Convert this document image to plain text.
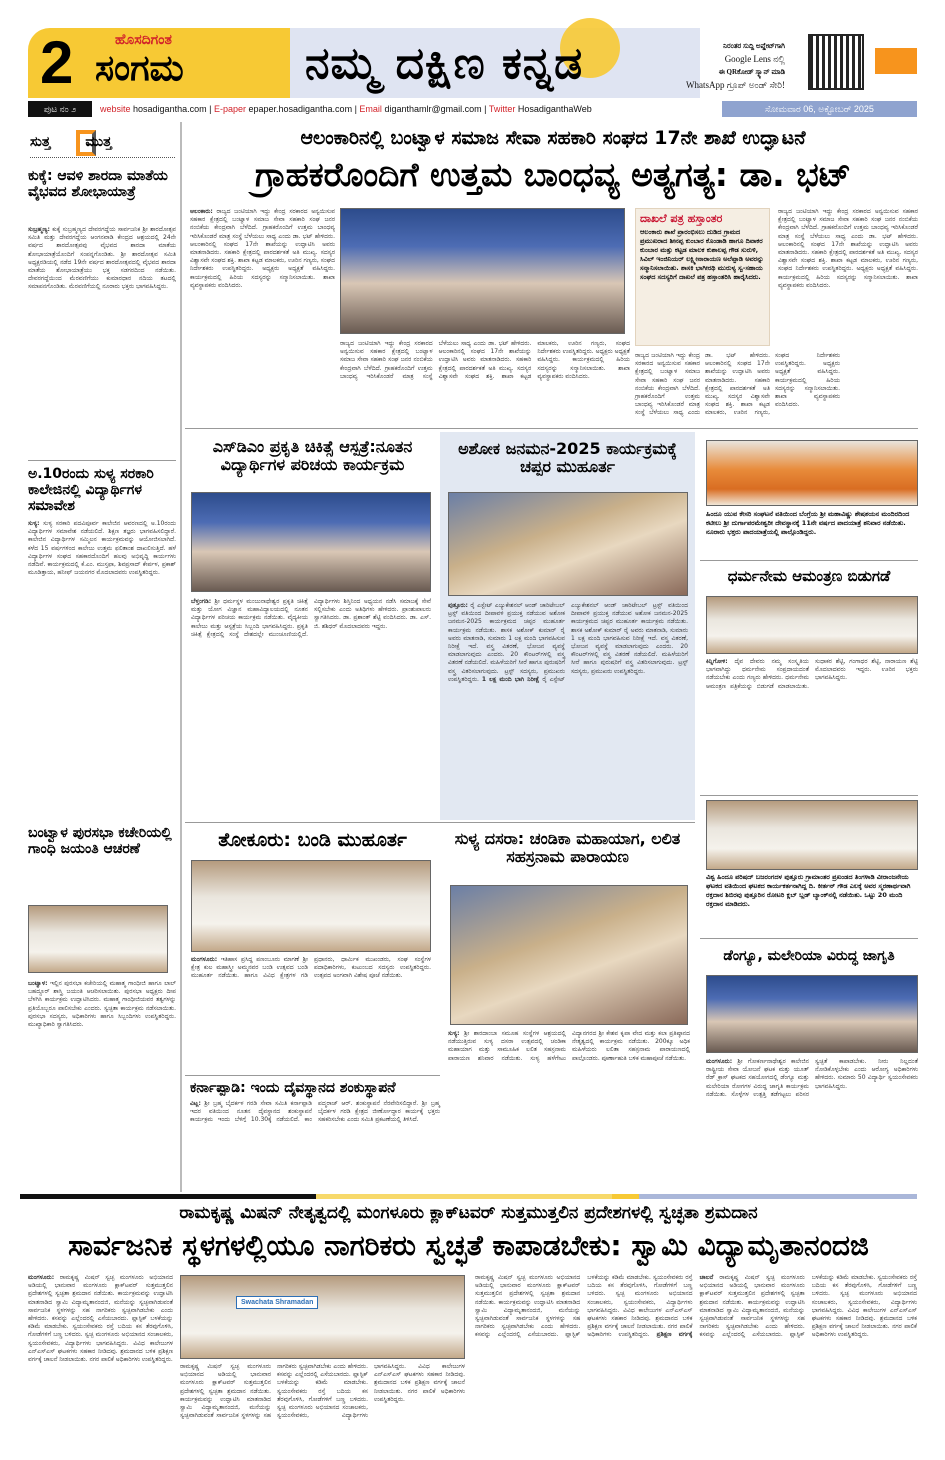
2	ಹೊಸದಿಗಂತ
ಸಂಗಮ	ನಮ್ಮ ದಕ್ಷಿಣ ಕನ್ನಡ	ನಿರಂತರ ಸುದ್ದಿ ಅಪ್ಡೇಟ್‌ಗಾಗಿ
Google Lens ನಲ್ಲಿ
ಈ QRಕೋಡ್ ಸ್ಕ್ಯಾನ್ ಮಾಡಿ
WhatsApp ಗ್ರೂಪ್ ಅಂಡ್ ಸೇರಿ!
ಪುಟ ನಂ ೨	website hosadigantha.com | E-paper epaper.hosadigantha.com | Email diganthamlr@gmail.com | Twitter HosadiganthaWeb	ಸೋಮವಾರ 06, ಅಕ್ಟೋಬರ್ 2025
ಸುತ್ತ ಮುತ್ತ
ಕುಕ್ಕೆ: ಆವಳಿ ಶಾರದಾ ಮಾತೆಯ ವೈಭವದ ಶೋಭಾಯಾತ್ರೆ
ಸುಬ್ರಹ್ಮಣ್ಯ: ಕುಕ್ಕೆ ಸುಬ್ರಹ್ಮಣ್ಯದ ದೇವರಗದ್ದೆಯ ಸಾರ್ವಜನಿಕ ಶ್ರೀ ಶಾರದೋತ್ಸವ ಸಮಿತಿ ಮತ್ತು ದೇವರಗದ್ದೆಯ ಆಂಗನವಾಡಿ ಕೇಂದ್ರದ ಆಶ್ರಯದಲ್ಲಿ 24ನೇ ವರ್ಷದ ಶಾರದೋತ್ಸವವು ವೈಭವದ ಶಾರದಾ ಮಾತೆಯ ಶೋಭಾಯಾತ್ರೆಯೊಂದಿಗೆ ಸಂಪನ್ನಗೊಂಡಿತು. ಶ್ರೀ ಶಾರದೋತ್ಸವ ಸಮಿತಿ ಅಧ್ಯಕ್ಷರಡಿಯಲ್ಲಿ ನಡೆದ 19ನೇ ವರ್ಷದ ಶಾರದೋತ್ಸವದಲ್ಲಿ ವೈಭವದ ಶಾರದಾ ಮಾತೆಯ ಶೋಭಾಯಾತ್ರೆಯು ಭಕ್ತ ಸಡಗರದಿಂದ ನಡೆಯಿತು. ದೇವರಗದ್ದೆಯಿಂದ ಮೆರವಣಿಗೆಯು ಕುಮಾರಧಾರ ನದಿಯ ತಟದಲ್ಲಿ ಸಮಾಪನಗೊಂಡಿತು. ಮೆರವಣಿಗೆಯಲ್ಲಿ ನೂರಾರು ಭಕ್ತರು ಭಾಗವಹಿಸಿದ್ದರು.
ಅ.10ರಂದು ಸುಳ್ಯ ಸರಕಾರಿ ಕಾಲೇಜಿನಲ್ಲಿ ವಿದ್ಯಾರ್ಥಿಗಳ ಸಮಾವೇಶ
ಸುಳ್ಯ: ಸುಳ್ಯ ಸರಕಾರಿ ಪದವಿಪೂರ್ವ ಕಾಲೇಜಿನ ಆವರಣದಲ್ಲಿ ಅ.10ರಂದು ವಿದ್ಯಾರ್ಥಿಗಳ ಸಮಾವೇಶ ನಡೆಯಲಿದೆ. ಶಿಕ್ಷಣ ತಜ್ಞರು ಭಾಗವಹಿಸಲಿದ್ದಾರೆ. ಕಾಲೇಜಿನ ವಿದ್ಯಾರ್ಥಿಗಳ ಸಮ್ಮಿಲನ ಕಾರ್ಯಕ್ರಮವನ್ನು ಆಯೋಜಿಸಲಾಗಿದೆ. ಕಳೆದ 15 ವರ್ಷಗಳಿಂದ ಕಾಲೇಜು ಉತ್ತಮ ಫಲಿತಾಂಶ ದಾಖಲಿಸುತ್ತಿದೆ. ಹಳೆ ವಿದ್ಯಾರ್ಥಿಗಳ ಸಂಘದ ಸಹಕಾರದೊಂದಿಗೆ ಹಲವು ಅಭಿವೃದ್ಧಿ ಕಾರ್ಯಗಳು ನಡೆದಿವೆ. ಕಾರ್ಯಕ್ರಮದಲ್ಲಿ ಕೆ.ಎಂ. ಮುಸ್ತಫಾ, ಶಿವಪ್ರಸಾದ್ ಕೇರ್ಪಳ, ಪ್ರಕಾಶ್ ಮೂಡಿತ್ತಾಯ, ಹನೀಫ್ ಜಯನಗರ ಮೊದಲಾದವರು ಉಪಸ್ಥಿತರಿದ್ದರು.
ಬಂಟ್ವಾಳ ಪುರಸಭಾ ಕಚೇರಿಯಲ್ಲಿ ಗಾಂಧಿ ಜಯಂತಿ ಆಚರಣೆ
ಬಂಟ್ವಾಳ: ಇಲ್ಲಿನ ಪುರಸಭಾ ಕಚೇರಿಯಲ್ಲಿ ಮಹಾತ್ಮ ಗಾಂಧೀಜಿ ಹಾಗೂ ಲಾಲ್ ಬಹದ್ದೂರ್ ಶಾಸ್ತ್ರಿ ಜಯಂತಿ ಆಚರಿಸಲಾಯಿತು. ಪುರಸಭಾ ಅಧ್ಯಕ್ಷರು ದೀಪ ಬೆಳಗಿಸಿ ಕಾರ್ಯಕ್ರಮ ಉದ್ಘಾಟಿಸಿದರು. ಮಹಾತ್ಮ ಗಾಂಧೀಜಿಯವರ ತತ್ವಗಳನ್ನು ಪ್ರತಿಯೊಬ್ಬರೂ ಪಾಲಿಸಬೇಕು ಎಂದರು. ಸ್ವಚ್ಛತಾ ಕಾರ್ಯಕ್ರಮ ನಡೆಸಲಾಯಿತು. ಪುರಸಭಾ ಸದಸ್ಯರು, ಅಧಿಕಾರಿಗಳು ಹಾಗೂ ಸಿಬ್ಬಂದಿಗಳು ಉಪಸ್ಥಿತರಿದ್ದರು. ಮುಖ್ಯಾಧಿಕಾರಿ ಸ್ವಾಗತಿಸಿದರು.
ಆಲಂಕಾರಿನಲ್ಲಿ ಬಂಟ್ವಾಳ ಸಮಾಜ ಸೇವಾ ಸಹಕಾರಿ ಸಂಘದ 17ನೇ ಶಾಖೆ ಉದ್ಘಾಟನೆ
ಗ್ರಾಹಕರೊಂದಿಗೆ ಉತ್ತಮ ಬಾಂಧವ್ಯ ಅತ್ಯಗತ್ಯ: ಡಾ. ಭಟ್
ಆಲಂಕಾರು: ರಾಜ್ಯದ ಜಂಟಿಯಾಗಿ ಇದ್ದು ಕೇಂದ್ರ ಸರಕಾರದ ಅನ್ವಯಿಸುವ ಸಹಕಾರ ಕ್ಷೇತ್ರದಲ್ಲಿ ಬಂಟ್ವಾಳ ಸಮಾಜ ಸೇವಾ ಸಹಕಾರಿ ಸಂಘ ಜನರ ನಂಬಿಕೆಯ ಕೇಂದ್ರವಾಗಿ ಬೆಳೆದಿದೆ. ಗ್ರಾಹಕರೊಂದಿಗೆ ಉತ್ತಮ ಬಾಂಧವ್ಯ ಇರಿಸಿಕೊಂಡರೆ ಮಾತ್ರ ಸಂಸ್ಥೆ ಬೆಳೆಯಲು ಸಾಧ್ಯ ಎಂದು ಡಾ. ಭಟ್ ಹೇಳಿದರು. ಆಲಂಕಾರಿನಲ್ಲಿ ಸಂಘದ 17ನೇ ಶಾಖೆಯನ್ನು ಉದ್ಘಾಟಿಸಿ ಅವರು ಮಾತನಾಡಿದರು. ಸಹಕಾರಿ ಕ್ಷೇತ್ರದಲ್ಲಿ ಪಾರದರ್ಶಕತೆ ಅತಿ ಮುಖ್ಯ. ಸದಸ್ಯರ ವಿಶ್ವಾಸವೇ ಸಂಘದ ಶಕ್ತಿ. ಶಾಖಾ ಕಟ್ಟಡ ಮಾಲಕರು, ಊರಿನ ಗಣ್ಯರು, ಸಂಘದ ನಿರ್ದೇಶಕರು ಉಪಸ್ಥಿತರಿದ್ದರು. ಅಧ್ಯಕ್ಷರು ಅಧ್ಯಕ್ಷತೆ ವಹಿಸಿದ್ದರು. ಕಾರ್ಯಕ್ರಮದಲ್ಲಿ ಹಿರಿಯ ಸದಸ್ಯರನ್ನು ಸನ್ಮಾನಿಸಲಾಯಿತು. ಶಾಖಾ ವ್ಯವಸ್ಥಾಪಕರು ವಂದಿಸಿದರು.
ರಾಜ್ಯದ ಜಂಟಿಯಾಗಿ ಇದ್ದು ಕೇಂದ್ರ ಸರಕಾರದ ಅನ್ವಯಿಸುವ ಸಹಕಾರ ಕ್ಷೇತ್ರದಲ್ಲಿ ಬಂಟ್ವಾಳ ಸಮಾಜ ಸೇವಾ ಸಹಕಾರಿ ಸಂಘ ಜನರ ನಂಬಿಕೆಯ ಕೇಂದ್ರವಾಗಿ ಬೆಳೆದಿದೆ. ಗ್ರಾಹಕರೊಂದಿಗೆ ಉತ್ತಮ ಬಾಂಧವ್ಯ ಇರಿಸಿಕೊಂಡರೆ ಮಾತ್ರ ಸಂಸ್ಥೆ ಬೆಳೆಯಲು ಸಾಧ್ಯ ಎಂದು ಡಾ. ಭಟ್ ಹೇಳಿದರು. ಆಲಂಕಾರಿನಲ್ಲಿ ಸಂಘದ 17ನೇ ಶಾಖೆಯನ್ನು ಉದ್ಘಾಟಿಸಿ ಅವರು ಮಾತನಾಡಿದರು. ಸಹಕಾರಿ ಕ್ಷೇತ್ರದಲ್ಲಿ ಪಾರದರ್ಶಕತೆ ಅತಿ ಮುಖ್ಯ. ಸದಸ್ಯರ ವಿಶ್ವಾಸವೇ ಸಂಘದ ಶಕ್ತಿ. ಶಾಖಾ ಕಟ್ಟಡ ಮಾಲಕರು, ಊರಿನ ಗಣ್ಯರು, ಸಂಘದ ನಿರ್ದೇಶಕರು ಉಪಸ್ಥಿತರಿದ್ದರು. ಅಧ್ಯಕ್ಷರು ಅಧ್ಯಕ್ಷತೆ ವಹಿಸಿದ್ದರು. ಕಾರ್ಯಕ್ರಮದಲ್ಲಿ ಹಿರಿಯ ಸದಸ್ಯರನ್ನು ಸನ್ಮಾನಿಸಲಾಯಿತು. ಶಾಖಾ ವ್ಯವಸ್ಥಾಪಕರು ವಂದಿಸಿದರು.
ದಾಖಲೆ ಪತ್ರ ಹಸ್ತಾಂತರ
ಆಲಂಕಾರು ಶಾಖೆ ಪ್ರಾರಂಭಿಸಲು ದುಡಿದ ಗ್ರಾಮದ ಪ್ರಮುಖರಾದ ಶೀನಪ್ಪ ಕುಂಬಾರ ಕೊಂಡಾಡಿ ಹಾಗೂ ದಿವಾಕರ ಕುಂಬಾರ ಮತ್ತು ಕಟ್ಟಡ ಮಾಲಕ ಕುಶಾಲಪ್ಪ ಗೌಡ ಸುರುಳಿ, ಸಿವಿಲ್ ಇಂಜಿನಿಯರ್ ಲಕ್ಷ್ಮೀನಾರಾಯಣ ಅಲೆಪ್ಪಾಡಿ ಅವರನ್ನು ಸನ್ಮಾನಿಸಲಾಯಿತು. ಶಾಸಕಿ ಭಾಗೀರಥಿ ಮುರುಳ್ಯ ಸ್ವ-ಸಹಾಯ ಸಂಘದ ಸದಸ್ಯರಿಗೆ ದಾಖಲೆ ಪತ್ರ ಹಸ್ತಾಂತರಿಸಿ ಹಾರೈಸಿದರು.
ರಾಜ್ಯದ ಜಂಟಿಯಾಗಿ ಇದ್ದು ಕೇಂದ್ರ ಸರಕಾರದ ಅನ್ವಯಿಸುವ ಸಹಕಾರ ಕ್ಷೇತ್ರದಲ್ಲಿ ಬಂಟ್ವಾಳ ಸಮಾಜ ಸೇವಾ ಸಹಕಾರಿ ಸಂಘ ಜನರ ನಂಬಿಕೆಯ ಕೇಂದ್ರವಾಗಿ ಬೆಳೆದಿದೆ. ಗ್ರಾಹಕರೊಂದಿಗೆ ಉತ್ತಮ ಬಾಂಧವ್ಯ ಇರಿಸಿಕೊಂಡರೆ ಮಾತ್ರ ಸಂಸ್ಥೆ ಬೆಳೆಯಲು ಸಾಧ್ಯ ಎಂದು ಡಾ. ಭಟ್ ಹೇಳಿದರು. ಆಲಂಕಾರಿನಲ್ಲಿ ಸಂಘದ 17ನೇ ಶಾಖೆಯನ್ನು ಉದ್ಘಾಟಿಸಿ ಅವರು ಮಾತನಾಡಿದರು. ಸಹಕಾರಿ ಕ್ಷೇತ್ರದಲ್ಲಿ ಪಾರದರ್ಶಕತೆ ಅತಿ ಮುಖ್ಯ. ಸದಸ್ಯರ ವಿಶ್ವಾಸವೇ ಸಂಘದ ಶಕ್ತಿ. ಶಾಖಾ ಕಟ್ಟಡ ಮಾಲಕರು, ಊರಿನ ಗಣ್ಯರು, ಸಂಘದ ನಿರ್ದೇಶಕರು ಉಪಸ್ಥಿತರಿದ್ದರು. ಅಧ್ಯಕ್ಷರು ಅಧ್ಯಕ್ಷತೆ ವಹಿಸಿದ್ದರು. ಕಾರ್ಯಕ್ರಮದಲ್ಲಿ ಹಿರಿಯ ಸದಸ್ಯರನ್ನು ಸನ್ಮಾನಿಸಲಾಯಿತು. ಶಾಖಾ ವ್ಯವಸ್ಥಾಪಕರು ವಂದಿಸಿದರು.
ರಾಜ್ಯದ ಜಂಟಿಯಾಗಿ ಇದ್ದು ಕೇಂದ್ರ ಸರಕಾರದ ಅನ್ವಯಿಸುವ ಸಹಕಾರ ಕ್ಷೇತ್ರದಲ್ಲಿ ಬಂಟ್ವಾಳ ಸಮಾಜ ಸೇವಾ ಸಹಕಾರಿ ಸಂಘ ಜನರ ನಂಬಿಕೆಯ ಕೇಂದ್ರವಾಗಿ ಬೆಳೆದಿದೆ. ಗ್ರಾಹಕರೊಂದಿಗೆ ಉತ್ತಮ ಬಾಂಧವ್ಯ ಇರಿಸಿಕೊಂಡರೆ ಮಾತ್ರ ಸಂಸ್ಥೆ ಬೆಳೆಯಲು ಸಾಧ್ಯ ಎಂದು ಡಾ. ಭಟ್ ಹೇಳಿದರು. ಆಲಂಕಾರಿನಲ್ಲಿ ಸಂಘದ 17ನೇ ಶಾಖೆಯನ್ನು ಉದ್ಘಾಟಿಸಿ ಅವರು ಮಾತನಾಡಿದರು. ಸಹಕಾರಿ ಕ್ಷೇತ್ರದಲ್ಲಿ ಪಾರದರ್ಶಕತೆ ಅತಿ ಮುಖ್ಯ. ಸದಸ್ಯರ ವಿಶ್ವಾಸವೇ ಸಂಘದ ಶಕ್ತಿ. ಶಾಖಾ ಕಟ್ಟಡ ಮಾಲಕರು, ಊರಿನ ಗಣ್ಯರು, ಸಂಘದ ನಿರ್ದೇಶಕರು ಉಪಸ್ಥಿತರಿದ್ದರು. ಅಧ್ಯಕ್ಷರು ಅಧ್ಯಕ್ಷತೆ ವಹಿಸಿದ್ದರು. ಕಾರ್ಯಕ್ರಮದಲ್ಲಿ ಹಿರಿಯ ಸದಸ್ಯರನ್ನು ಸನ್ಮಾನಿಸಲಾಯಿತು. ಶಾಖಾ ವ್ಯವಸ್ಥಾಪಕರು ವಂದಿಸಿದರು.
ಎಸ್‌ಡಿಎಂ ಪ್ರಕೃತಿ ಚಿಕಿತ್ಸೆ ಆಸ್ಪತ್ರೆ:ನೂತನ ವಿದ್ಯಾರ್ಥಿಗಳ ಪರಿಚಯ ಕಾರ್ಯಕ್ರಮ
ಬೆಳ್ತಂಗಡಿ: ಶ್ರೀ ಧರ್ಮಸ್ಥಳ ಮಂಜುನಾಥೇಶ್ವರ ಪ್ರಕೃತಿ ಚಿಕಿತ್ಸೆ ಮತ್ತು ಯೋಗ ವಿಜ್ಞಾನ ಮಹಾವಿದ್ಯಾಲಯದಲ್ಲಿ ನೂತನ ವಿದ್ಯಾರ್ಥಿಗಳ ಪರಿಚಯ ಕಾರ್ಯಕ್ರಮ ನಡೆಯಿತು. ವೈದ್ಯಕೀಯ ಕಾಲೇಜು ಮತ್ತು ಆಸ್ಪತ್ರೆಯ ಸಿಬ್ಬಂದಿ ಭಾಗವಹಿಸಿದ್ದರು. ಪ್ರಕೃತಿ ಚಿಕಿತ್ಸೆ ಕ್ಷೇತ್ರದಲ್ಲಿ ಸಂಸ್ಥೆ ದೇಶದಲ್ಲೇ ಮುಂಚೂಣಿಯಲ್ಲಿದೆ. ವಿದ್ಯಾರ್ಥಿಗಳು ಶಿಸ್ತಿನಿಂದ ಅಧ್ಯಯನ ನಡೆಸಿ ಸಮಾಜಕ್ಕೆ ಸೇವೆ ಸಲ್ಲಿಸಬೇಕು ಎಂದು ಅತಿಥಿಗಳು ಹೇಳಿದರು. ಪ್ರಾಂಶುಪಾಲರು ಸ್ವಾಗತಿಸಿದರು. ಡಾ. ಪ್ರಶಾಂತ್ ಶೆಟ್ಟಿ ವಂದಿಸಿದರು. ಡಾ. ಎಸ್. ಜಿ. ಶಶಿಧರ್ ಮೊದಲಾದವರು ಇದ್ದರು.
ಅಶೋಕ ಜನಮನ-2025 ಕಾರ್ಯಕ್ರಮಕ್ಕೆ ಚಪ್ಪರ ಮುಹೂರ್ತ
ಪುತ್ತೂರು: ರೈ ಎಸ್ಟೇಟ್ ಎಜ್ಯುಕೇಶನಲ್ ಆಂಡ್ ಚಾರಿಟೇಬಲ್ ಟ್ರಸ್ಟ್ ವತಿಯಿಂದ ದೀಪಾವಳಿ ಪ್ರಯುಕ್ತ ನಡೆಯುವ ಅಶೋಕ ಜನಮನ-2025 ಕಾರ್ಯಕ್ರಮದ ಚಪ್ಪರ ಮುಹೂರ್ತ ಕಾರ್ಯಕ್ರಮ ನಡೆಯಿತು. ಶಾಸಕ ಅಶೋಕ್ ಕುಮಾರ್ ರೈ ಅವರು ಮಾತನಾಡಿ, ಸುಮಾರು 1 ಲಕ್ಷ ಮಂದಿ ಭಾಗವಹಿಸುವ ನಿರೀಕ್ಷೆ ಇದೆ. ವಸ್ತ್ರ ವಿತರಣೆ, ಭೋಜನ ವ್ಯವಸ್ಥೆ ಮಾಡಲಾಗುವುದು ಎಂದರು. 20 ಕೌಂಟರ್‌ಗಳಲ್ಲಿ ವಸ್ತ್ರ ವಿತರಣೆ ನಡೆಯಲಿದೆ. ಮಹಿಳೆಯರಿಗೆ ಸೀರೆ ಹಾಗೂ ಪುರುಷರಿಗೆ ವಸ್ತ್ರ ವಿತರಿಸಲಾಗುವುದು. ಟ್ರಸ್ಟ್ ಸದಸ್ಯರು, ಪ್ರಮುಖರು ಉಪಸ್ಥಿತರಿದ್ದರು. 1 ಲಕ್ಷ ಮಂದಿ ಭಾಗಿ ನಿರೀಕ್ಷೆ ರೈ ಎಸ್ಟೇಟ್ ಎಜ್ಯುಕೇಶನಲ್ ಆಂಡ್ ಚಾರಿಟೇಬಲ್ ಟ್ರಸ್ಟ್ ವತಿಯಿಂದ ದೀಪಾವಳಿ ಪ್ರಯುಕ್ತ ನಡೆಯುವ ಅಶೋಕ ಜನಮನ-2025 ಕಾರ್ಯಕ್ರಮದ ಚಪ್ಪರ ಮುಹೂರ್ತ ಕಾರ್ಯಕ್ರಮ ನಡೆಯಿತು. ಶಾಸಕ ಅಶೋಕ್ ಕುಮಾರ್ ರೈ ಅವರು ಮಾತನಾಡಿ, ಸುಮಾರು 1 ಲಕ್ಷ ಮಂದಿ ಭಾಗವಹಿಸುವ ನಿರೀಕ್ಷೆ ಇದೆ. ವಸ್ತ್ರ ವಿತರಣೆ, ಭೋಜನ ವ್ಯವಸ್ಥೆ ಮಾಡಲಾಗುವುದು ಎಂದರು. 20 ಕೌಂಟರ್‌ಗಳಲ್ಲಿ ವಸ್ತ್ರ ವಿತರಣೆ ನಡೆಯಲಿದೆ. ಮಹಿಳೆಯರಿಗೆ ಸೀರೆ ಹಾಗೂ ಪುರುಷರಿಗೆ ವಸ್ತ್ರ ವಿತರಿಸಲಾಗುವುದು. ಟ್ರಸ್ಟ್ ಸದಸ್ಯರು, ಪ್ರಮುಖರು ಉಪಸ್ಥಿತರಿದ್ದರು.
ಹಿಂದೂ ಯುವ ಕೇಸರಿ ಸಂಘಟನೆ ವತಿಯಿಂದ ಬೆಂಗ್ರೆಯ ಶ್ರೀ ಮಹಾವಿಷ್ಣು ಶೇಷಶಯನ ಮಂದಿರದಿಂದ ಕಟೀಲು ಶ್ರೀ ದುರ್ಗಾಪರಮೇಶ್ವರೀ ದೇವಸ್ಥಾನಕ್ಕೆ 11ನೇ ವರ್ಷದ ಪಾದಯಾತ್ರೆ ಶನಿವಾರ ನಡೆಯಿತು. ನೂರಾರು ಭಕ್ತರು ಪಾದಯಾತ್ರೆಯಲ್ಲಿ ಪಾಲ್ಗೊಂಡಿದ್ದರು.
ಧರ್ಮನೇಮ ಆಮಂತ್ರಣ ಬಿಡುಗಡೆ
ಕಿನ್ನಿಗೋಳಿ: ದೈವ ದೇವರು ನಮ್ಮ ಸಂಸ್ಕೃತಿಯ ಭಾಗವಾಗಿದ್ದು ಧರ್ಮನೇಮ ಸಂಪ್ರದಾಯದಂತೆ ನಡೆಯಬೇಕು ಎಂದು ಗಣ್ಯರು ಹೇಳಿದರು. ಧರ್ಮನೇಮ ಆಮಂತ್ರಣ ಪತ್ರಿಕೆಯನ್ನು ಬಿಡುಗಡೆ ಮಾಡಲಾಯಿತು. ಸುಧಾಕರ ಶೆಟ್ಟಿ, ಗಂಗಾಧರ ಶೆಟ್ಟಿ, ನಾರಾಯಣ ಶೆಟ್ಟಿ ಮೊದಲಾದವರು ಇದ್ದರು. ಊರಿನ ಭಕ್ತರು ಭಾಗವಹಿಸಿದ್ದರು.
ತೋಕೂರು: ಬಂಡಿ ಮುಹೂರ್ತ
ಮಂಗಳೂರು: ಇತಿಹಾಸ ಪ್ರಸಿದ್ಧ ಪಣಂಬೂರು ಮಾಗಣೆ ಶ್ರೀ ಕ್ಷೇತ್ರ ಕುಲ ಮಹಾಸ್ತ್ರೀ ಅಮ್ಮನವರ ಬಂಡಿ ಉತ್ಸವದ ಬಂಡಿ ಮುಹೂರ್ತ ನಡೆಯಿತು. ಹಾಗೂ ವಿವಿಧ ಕ್ಷೇತ್ರಗಳ ಗಡಿ ಪ್ರಧಾನರು, ಧಾರ್ಮಿಕ ಮುಖಂಡರು, ಸಂಘ ಸಂಸ್ಥೆಗಳ ಪದಾಧಿಕಾರಿಗಳು, ಕುಟುಂಬದ ಸದಸ್ಯರು ಉಪಸ್ಥಿತರಿದ್ದರು. ಉತ್ಸವದ ಅಂಗವಾಗಿ ವಿಶೇಷ ಪೂಜೆ ನಡೆಯಿತು.
ಸುಳ್ಯ ದಸರಾ: ಚಂಡಿಕಾ ಮಹಾಯಾಗ, ಲಲಿತ ಸಹಸ್ರನಾಮ ಪಾರಾಯಣ
ಸುಳ್ಯ: ಶ್ರೀ ಶಾರದಾಂಬಾ ಸಮೂಹ ಸಂಸ್ಥೆಗಳ ಆಶ್ರಯದಲ್ಲಿ ನಡೆಯುತ್ತಿರುವ ಸುಳ್ಯ ದಸರಾ ಉತ್ಸವದಲ್ಲಿ ಚಂಡಿಕಾ ಮಹಾಯಾಗ ಮತ್ತು ಸಾಮೂಹಿಕ ಲಲಿತ ಸಹಸ್ರನಾಮ ಪಾರಾಯಣ ಶನಿವಾರ ನಡೆಯಿತು. ಸುಳ್ಯ ಹಳೆಗೇಟು ವಿದ್ಯಾನಗರದ ಶ್ರೀ ಕೇಶವ ಕೃಪಾ ವೇದ ಮತ್ತು ಕಲಾ ಪ್ರತಿಷ್ಠಾನದ ನೇತೃತ್ವದಲ್ಲಿ ಕಾರ್ಯಕ್ರಮ ನಡೆಯಿತು. 200ಕ್ಕೂ ಅಧಿಕ ಮಹಿಳೆಯರು ಲಲಿತಾ ಸಹಸ್ರನಾಮ ಪಾರಾಯಣದಲ್ಲಿ ಪಾಲ್ಗೊಂಡರು. ಪೂರ್ಣಾಹುತಿ ಬಳಿಕ ಮಹಾಪೂಜೆ ನಡೆಯಿತು.
ವಿಶ್ವ ಹಿಂದೂ ಪರಿಷದ್ ಬಜರಂಗದಳ ಪುತ್ತೂರು ಗ್ರಾಮಾಂತರ ಪ್ರಖಂಡದ ತಿಂಗಳಾಡಿ ವೀರಾಂಜನೇಯ ಘಟಕದ ವತಿಯಿಂದ ಘಟಕದ ಕಾರ್ಯಕರ್ತನಾಗಿದ್ದ ದಿ. ಕೀರ್ತನ್ ಗೌಡ ಎಲಕ್ಕೆ ಅವರ ಸ್ಮರಣಾರ್ಥವಾಗಿ ರಕ್ತದಾನ ಶಿಬಿರವು ಪುತ್ತೂರಿನ ರೋಟರಿ ಕ್ಲಬ್ ಬ್ಲಡ್ ಬ್ಯಾಂಕ್‌ನಲ್ಲಿ ನಡೆಯಿತು. ಒಟ್ಟು 20 ಮಂದಿ ರಕ್ತದಾನ ಮಾಡಿದರು.
ಡೆಂಗ್ಯೂ, ಮಲೇರಿಯಾ ವಿರುದ್ಧ ಜಾಗೃತಿ
ಮಂಗಳೂರು: ಶ್ರೀ ಗೋಕರ್ಣನಾಥೇಶ್ವರ ಕಾಲೇಜಿನ ರಾಷ್ಟ್ರೀಯ ಸೇವಾ ಯೋಜನೆ ಘಟಕ ಮತ್ತು ಯೂತ್ ರೆಡ್ ಕ್ರಾಸ್ ಘಟಕದ ಸಹಯೋಗದಲ್ಲಿ ಡೆಂಗ್ಯೂ ಮತ್ತು ಮಲೇರಿಯಾ ರೋಗಗಳ ವಿರುದ್ಧ ಜಾಗೃತಿ ಕಾರ್ಯಕ್ರಮ ನಡೆಯಿತು. ಸೊಳ್ಳೆಗಳ ಉತ್ಪತ್ತಿ ತಡೆಗಟ್ಟಲು ಪರಿಸರ ಸ್ವಚ್ಛತೆ ಕಾಪಾಡಬೇಕು. ನೀರು ನಿಲ್ಲದಂತೆ ನೋಡಿಕೊಳ್ಳಬೇಕು ಎಂದು ಆರೋಗ್ಯ ಅಧಿಕಾರಿಗಳು ಹೇಳಿದರು. ಸುಮಾರು 50 ವಿದ್ಯಾರ್ಥಿ ಸ್ವಯಂಸೇವಕರು ಭಾಗವಹಿಸಿದ್ದರು.
ಕರ್ನಾಪ್ಪಾಡಿ: ಇಂದು ದೈವಸ್ಥಾನದ ಶಂಕುಸ್ಥಾಪನೆ
ವಿಟ್ಲ: ಶ್ರೀ ಬ್ರಹ್ಮ ಬೈದರ್ಕಳ ಗರಡಿ ಸೇವಾ ಸಮಿತಿ ಕರ್ನಾಪ್ಪಾಡಿ ಇದರ ವತಿಯಿಂದ ನೂತನ ದೈವಸ್ಥಾನದ ಶಂಕುಸ್ಥಾಪನೆ ಕಾರ್ಯಕ್ರಮ ಇಂದು ಬೆಳಿಗ್ಗೆ 10.30ಕ್ಕೆ ನಡೆಯಲಿದೆ. ಕಾಂ ಪದ್ಮರಾಜ್ ಆರ್. ಶಂಕುಸ್ಥಾಪನೆ ನೆರವೇರಿಸಲಿದ್ದಾರೆ. ಶ್ರೀ ಬ್ರಹ್ಮ ಬೈದರ್ಕಳ ಗರಡಿ ಕ್ಷೇತ್ರದ ಜೀರ್ಣೋದ್ಧಾರ ಕಾರ್ಯಕ್ಕೆ ಭಕ್ತರು ಸಹಕರಿಸಬೇಕು ಎಂದು ಸಮಿತಿ ಪ್ರಕಟಣೆಯಲ್ಲಿ ತಿಳಿಸಿದೆ.
ರಾಮಕೃಷ್ಣ ಮಿಷನ್ ನೇತೃತ್ವದಲ್ಲಿ ಮಂಗಳೂರು ಕ್ಲಾಕ್‌ಟವರ್ ಸುತ್ತಮುತ್ತಲಿನ ಪ್ರದೇಶಗಳಲ್ಲಿ ಸ್ವಚ್ಛತಾ ಶ್ರಮದಾನ
ಸಾರ್ವಜನಿಕ ಸ್ಥಳಗಳಲ್ಲಿಯೂ ನಾಗರಿಕರು ಸ್ವಚ್ಛತೆ ಕಾಪಾಡಬೇಕು: ಸ್ವಾಮಿ ವಿದ್ಯಾಮೃತಾನಂದಜಿ
ಮಂಗಳೂರು: ರಾಮಕೃಷ್ಣ ಮಿಷನ್ ಸ್ವಚ್ಛ ಮಂಗಳೂರು ಅಭಿಯಾನದ ಅಡಿಯಲ್ಲಿ ಭಾನುವಾರ ಮಂಗಳೂರು ಕ್ಲಾಕ್‌ಟವರ್ ಸುತ್ತಮುತ್ತಲಿನ ಪ್ರದೇಶಗಳಲ್ಲಿ ಸ್ವಚ್ಛತಾ ಶ್ರಮದಾನ ನಡೆಯಿತು. ಕಾರ್ಯಕ್ರಮವನ್ನು ಉದ್ಘಾಟಿಸಿ ಮಾತನಾಡಿದ ಸ್ವಾಮಿ ವಿದ್ಯಾಮೃತಾನಂದಜಿ, ಮನೆಯನ್ನು ಸ್ವಚ್ಛವಾಗಿಡುವಂತೆ ಸಾರ್ವಜನಿಕ ಸ್ಥಳಗಳನ್ನು ಸಹ ನಾಗರಿಕರು ಸ್ವಚ್ಛವಾಗಿಡಬೇಕು ಎಂದು ಹೇಳಿದರು. ಕಸವನ್ನು ಎಲ್ಲೆಂದರಲ್ಲಿ ಎಸೆಯಬಾರದು. ಪ್ಲಾಸ್ಟಿಕ್ ಬಳಕೆಯನ್ನು ಕಡಿಮೆ ಮಾಡಬೇಕು. ಸ್ವಯಂಸೇವಕರು ರಸ್ತೆ ಬದಿಯ ಕಸ ತೆರವುಗೊಳಿಸಿ, ಗೋಡೆಗಳಿಗೆ ಬಣ್ಣ ಬಳಿದರು. ಸ್ವಚ್ಛ ಮಂಗಳೂರು ಅಭಿಯಾನದ ಸಂಚಾಲಕರು, ಸ್ವಯಂಸೇವಕರು, ವಿದ್ಯಾರ್ಥಿಗಳು ಭಾಗವಹಿಸಿದ್ದರು. ವಿವಿಧ ಕಾಲೇಜುಗಳ ಎನ್ಎಸ್ಎಸ್ ಘಟಕಗಳು ಸಹಕಾರ ನೀಡಿದವು. ಶ್ರಮದಾನದ ಬಳಿಕ ಪ್ರಶಿಕ್ಷಣ ವರ್ಗಕ್ಕೆ ಚಾಲನೆ ನೀಡಲಾಯಿತು. ನಗರ ಪಾಲಿಕೆ ಅಧಿಕಾರಿಗಳು ಉಪಸ್ಥಿತರಿದ್ದರು.
Swachata Shramadan
ರಾಮಕೃಷ್ಣ ಮಿಷನ್ ಸ್ವಚ್ಛ ಮಂಗಳೂರು ಅಭಿಯಾನದ ಅಡಿಯಲ್ಲಿ ಭಾನುವಾರ ಮಂಗಳೂರು ಕ್ಲಾಕ್‌ಟವರ್ ಸುತ್ತಮುತ್ತಲಿನ ಪ್ರದೇಶಗಳಲ್ಲಿ ಸ್ವಚ್ಛತಾ ಶ್ರಮದಾನ ನಡೆಯಿತು. ಕಾರ್ಯಕ್ರಮವನ್ನು ಉದ್ಘಾಟಿಸಿ ಮಾತನಾಡಿದ ಸ್ವಾಮಿ ವಿದ್ಯಾಮೃತಾನಂದಜಿ, ಮನೆಯನ್ನು ಸ್ವಚ್ಛವಾಗಿಡುವಂತೆ ಸಾರ್ವಜನಿಕ ಸ್ಥಳಗಳನ್ನು ಸಹ ನಾಗರಿಕರು ಸ್ವಚ್ಛವಾಗಿಡಬೇಕು ಎಂದು ಹೇಳಿದರು. ಕಸವನ್ನು ಎಲ್ಲೆಂದರಲ್ಲಿ ಎಸೆಯಬಾರದು. ಪ್ಲಾಸ್ಟಿಕ್ ಬಳಕೆಯನ್ನು ಕಡಿಮೆ ಮಾಡಬೇಕು. ಸ್ವಯಂಸೇವಕರು ರಸ್ತೆ ಬದಿಯ ಕಸ ತೆರವುಗೊಳಿಸಿ, ಗೋಡೆಗಳಿಗೆ ಬಣ್ಣ ಬಳಿದರು. ಸ್ವಚ್ಛ ಮಂಗಳೂರು ಅಭಿಯಾನದ ಸಂಚಾಲಕರು, ಸ್ವಯಂಸೇವಕರು, ವಿದ್ಯಾರ್ಥಿಗಳು ಭಾಗವಹಿಸಿದ್ದರು. ವಿವಿಧ ಕಾಲೇಜುಗಳ ಎನ್ಎಸ್ಎಸ್ ಘಟಕಗಳು ಸಹಕಾರ ನೀಡಿದವು. ಶ್ರಮದಾನದ ಬಳಿಕ ಪ್ರಶಿಕ್ಷಣ ವರ್ಗಕ್ಕೆ ಚಾಲನೆ ನೀಡಲಾಯಿತು. ನಗರ ಪಾಲಿಕೆ ಅಧಿಕಾರಿಗಳು ಉಪಸ್ಥಿತರಿದ್ದರು.
ರಾಮಕೃಷ್ಣ ಮಿಷನ್ ಸ್ವಚ್ಛ ಮಂಗಳೂರು ಅಭಿಯಾನದ ಅಡಿಯಲ್ಲಿ ಭಾನುವಾರ ಮಂಗಳೂರು ಕ್ಲಾಕ್‌ಟವರ್ ಸುತ್ತಮುತ್ತಲಿನ ಪ್ರದೇಶಗಳಲ್ಲಿ ಸ್ವಚ್ಛತಾ ಶ್ರಮದಾನ ನಡೆಯಿತು. ಕಾರ್ಯಕ್ರಮವನ್ನು ಉದ್ಘಾಟಿಸಿ ಮಾತನಾಡಿದ ಸ್ವಾಮಿ ವಿದ್ಯಾಮೃತಾನಂದಜಿ, ಮನೆಯನ್ನು ಸ್ವಚ್ಛವಾಗಿಡುವಂತೆ ಸಾರ್ವಜನಿಕ ಸ್ಥಳಗಳನ್ನು ಸಹ ನಾಗರಿಕರು ಸ್ವಚ್ಛವಾಗಿಡಬೇಕು ಎಂದು ಹೇಳಿದರು. ಕಸವನ್ನು ಎಲ್ಲೆಂದರಲ್ಲಿ ಎಸೆಯಬಾರದು. ಪ್ಲಾಸ್ಟಿಕ್ ಬಳಕೆಯನ್ನು ಕಡಿಮೆ ಮಾಡಬೇಕು. ಸ್ವಯಂಸೇವಕರು ರಸ್ತೆ ಬದಿಯ ಕಸ ತೆರವುಗೊಳಿಸಿ, ಗೋಡೆಗಳಿಗೆ ಬಣ್ಣ ಬಳಿದರು. ಸ್ವಚ್ಛ ಮಂಗಳೂರು ಅಭಿಯಾನದ ಸಂಚಾಲಕರು, ಸ್ವಯಂಸೇವಕರು, ವಿದ್ಯಾರ್ಥಿಗಳು ಭಾಗವಹಿಸಿದ್ದರು. ವಿವಿಧ ಕಾಲೇಜುಗಳ ಎನ್ಎಸ್ಎಸ್ ಘಟಕಗಳು ಸಹಕಾರ ನೀಡಿದವು. ಶ್ರಮದಾನದ ಬಳಿಕ ಪ್ರಶಿಕ್ಷಣ ವರ್ಗಕ್ಕೆ ಚಾಲನೆ ನೀಡಲಾಯಿತು. ನಗರ ಪಾಲಿಕೆ ಅಧಿಕಾರಿಗಳು ಉಪಸ್ಥಿತರಿದ್ದರು. ಪ್ರಶಿಕ್ಷಣ ವರ್ಗಕ್ಕೆ ಚಾಲನೆ ರಾಮಕೃಷ್ಣ ಮಿಷನ್ ಸ್ವಚ್ಛ ಮಂಗಳೂರು ಅಭಿಯಾನದ ಅಡಿಯಲ್ಲಿ ಭಾನುವಾರ ಮಂಗಳೂರು ಕ್ಲಾಕ್‌ಟವರ್ ಸುತ್ತಮುತ್ತಲಿನ ಪ್ರದೇಶಗಳಲ್ಲಿ ಸ್ವಚ್ಛತಾ ಶ್ರಮದಾನ ನಡೆಯಿತು. ಕಾರ್ಯಕ್ರಮವನ್ನು ಉದ್ಘಾಟಿಸಿ ಮಾತನಾಡಿದ ಸ್ವಾಮಿ ವಿದ್ಯಾಮೃತಾನಂದಜಿ, ಮನೆಯನ್ನು ಸ್ವಚ್ಛವಾಗಿಡುವಂತೆ ಸಾರ್ವಜನಿಕ ಸ್ಥಳಗಳನ್ನು ಸಹ ನಾಗರಿಕರು ಸ್ವಚ್ಛವಾಗಿಡಬೇಕು ಎಂದು ಹೇಳಿದರು. ಕಸವನ್ನು ಎಲ್ಲೆಂದರಲ್ಲಿ ಎಸೆಯಬಾರದು. ಪ್ಲಾಸ್ಟಿಕ್ ಬಳಕೆಯನ್ನು ಕಡಿಮೆ ಮಾಡಬೇಕು. ಸ್ವಯಂಸೇವಕರು ರಸ್ತೆ ಬದಿಯ ಕಸ ತೆರವುಗೊಳಿಸಿ, ಗೋಡೆಗಳಿಗೆ ಬಣ್ಣ ಬಳಿದರು. ಸ್ವಚ್ಛ ಮಂಗಳೂರು ಅಭಿಯಾನದ ಸಂಚಾಲಕರು, ಸ್ವಯಂಸೇವಕರು, ವಿದ್ಯಾರ್ಥಿಗಳು ಭಾಗವಹಿಸಿದ್ದರು. ವಿವಿಧ ಕಾಲೇಜುಗಳ ಎನ್ಎಸ್ಎಸ್ ಘಟಕಗಳು ಸಹಕಾರ ನೀಡಿದವು. ಶ್ರಮದಾನದ ಬಳಿಕ ಪ್ರಶಿಕ್ಷಣ ವರ್ಗಕ್ಕೆ ಚಾಲನೆ ನೀಡಲಾಯಿತು. ನಗರ ಪಾಲಿಕೆ ಅಧಿಕಾರಿಗಳು ಉಪಸ್ಥಿತರಿದ್ದರು.
